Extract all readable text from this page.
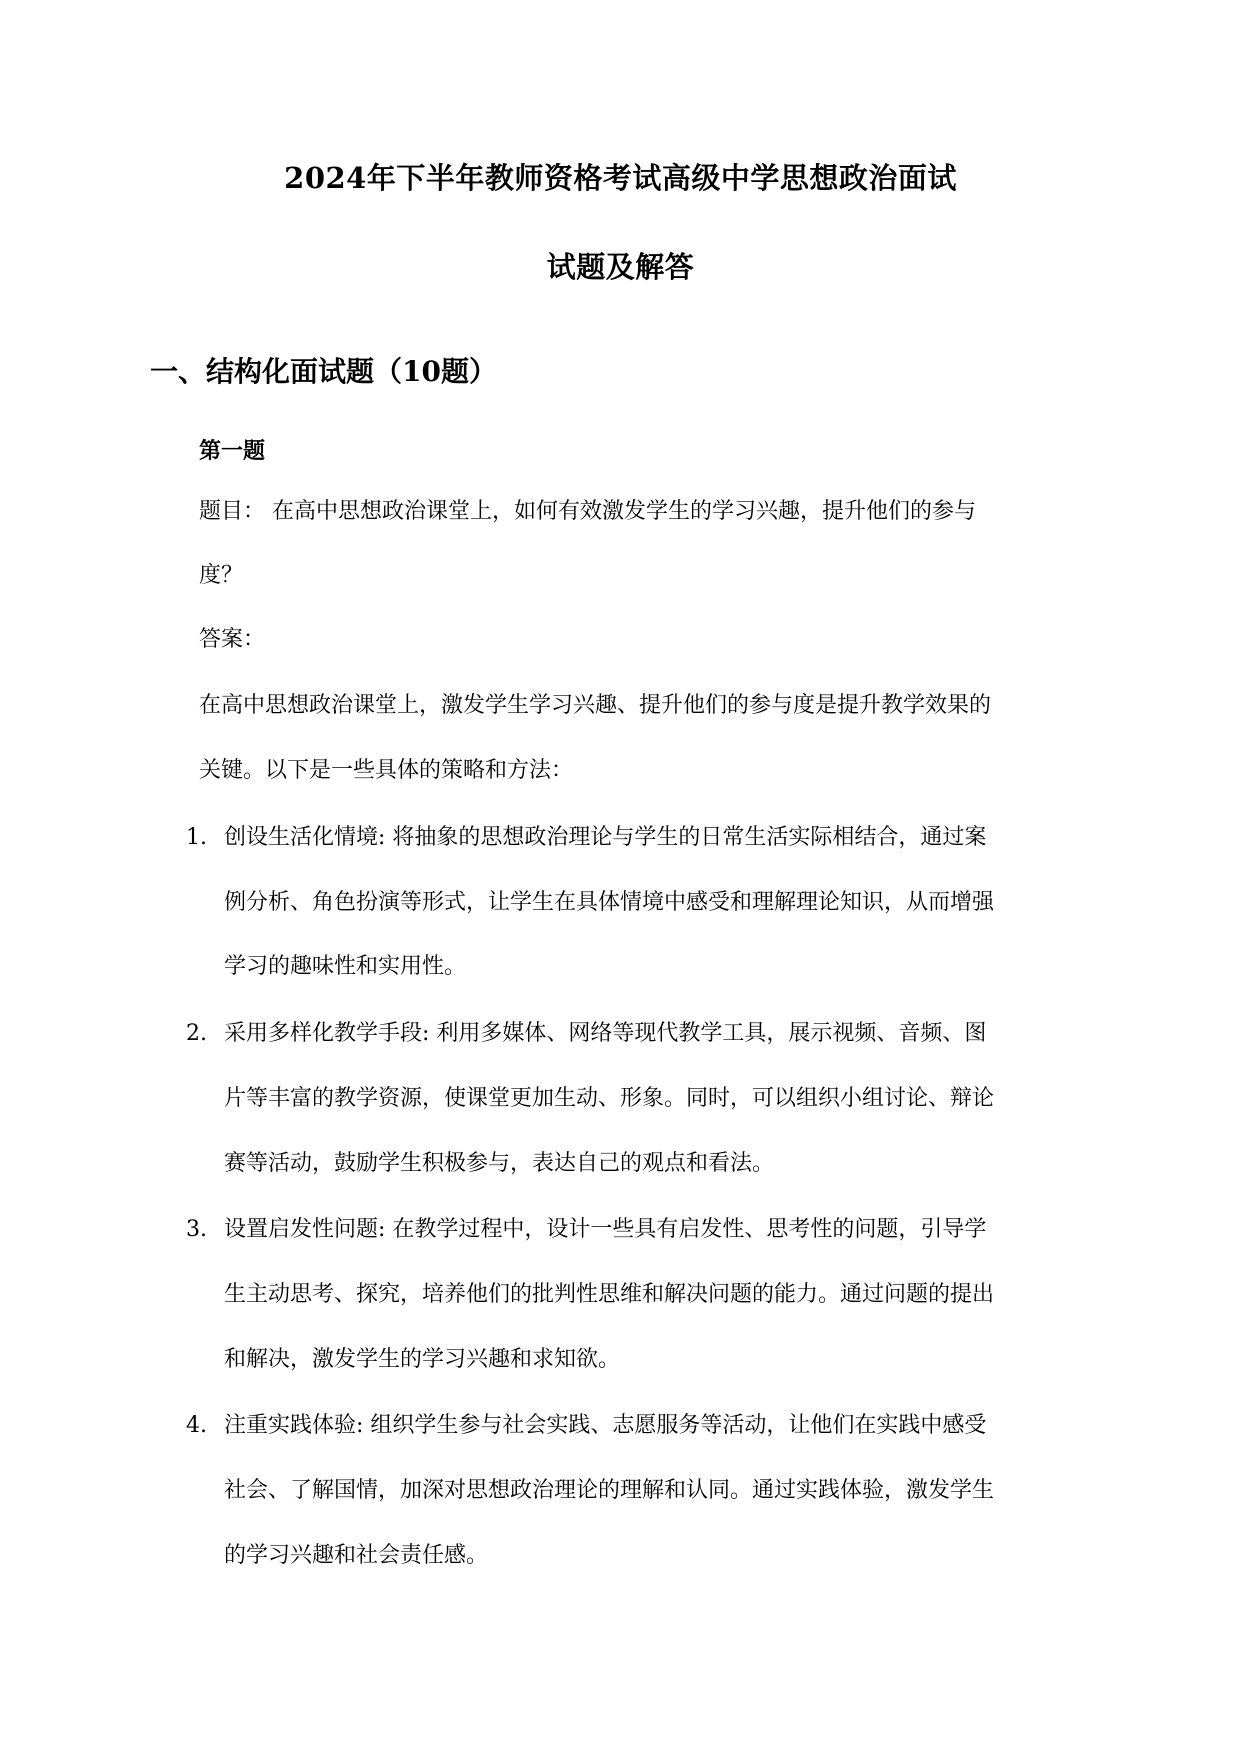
2024年下半年教师资格考试高级中学思想政治面试
试题及解答
一、结构化面试题（10题）
第一题
题目： 在高中思想政治课堂上，如何有效激发学生的学习兴趣，提升他们的参与
度？
答案：
在高中思想政治课堂上，激发学生学习兴趣、提升他们的参与度是提升教学效果的
关键。以下是一些具体的策略和方法：
1. 创设生活化情境: 将抽象的思想政治理论与学生的日常生活实际相结合，通过案
例分析、角色扮演等形式，让学生在具体情境中感受和理解理论知识，从而增强
学习的趣味性和实用性。
2. 采用多样化教学手段: 利用多媒体、网络等现代教学工具，展示视频、音频、图
片等丰富的教学资源，使课堂更加生动、形象。同时，可以组织小组讨论、辩论
赛等活动，鼓励学生积极参与，表达自己的观点和看法。
3. 设置启发性问题: 在教学过程中，设计一些具有启发性、思考性的问题，引导学
生主动思考、探究，培养他们的批判性思维和解决问题的能力。通过问题的提出
和解决，激发学生的学习兴趣和求知欲。
4. 注重实践体验: 组织学生参与社会实践、志愿服务等活动，让他们在实践中感受
社会、了解国情，加深对思想政治理论的理解和认同。通过实践体验，激发学生
的学习兴趣和社会责任感。
